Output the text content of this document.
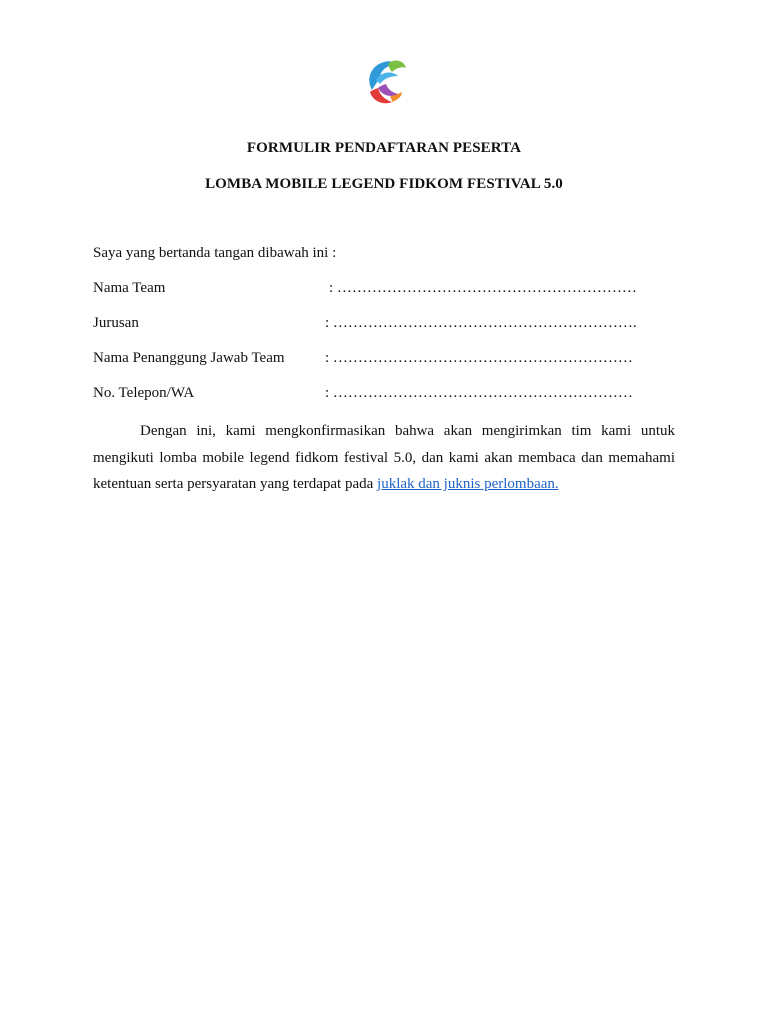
FORMULIR PENDAFTARAN PESERTA
LOMBA MOBILE LEGEND FIDKOM FESTIVAL 5.0
Saya yang bertanda tangan dibawah ini :
Nama Team	: ……………………………………………………
Jurusan	: …………………………………………………….
Nama Penanggung Jawab Team	: ……………………………………………………
No. Telepon/WA	: ……………………………………………………
Dengan ini, kami mengkonfirmasikan bahwa akan mengirimkan tim kami untuk mengikuti lomba mobile legend fidkom festival 5.0, dan kami akan membaca dan memahami ketentuan serta persyaratan yang terdapat pada juklak dan juknis perlombaan.
